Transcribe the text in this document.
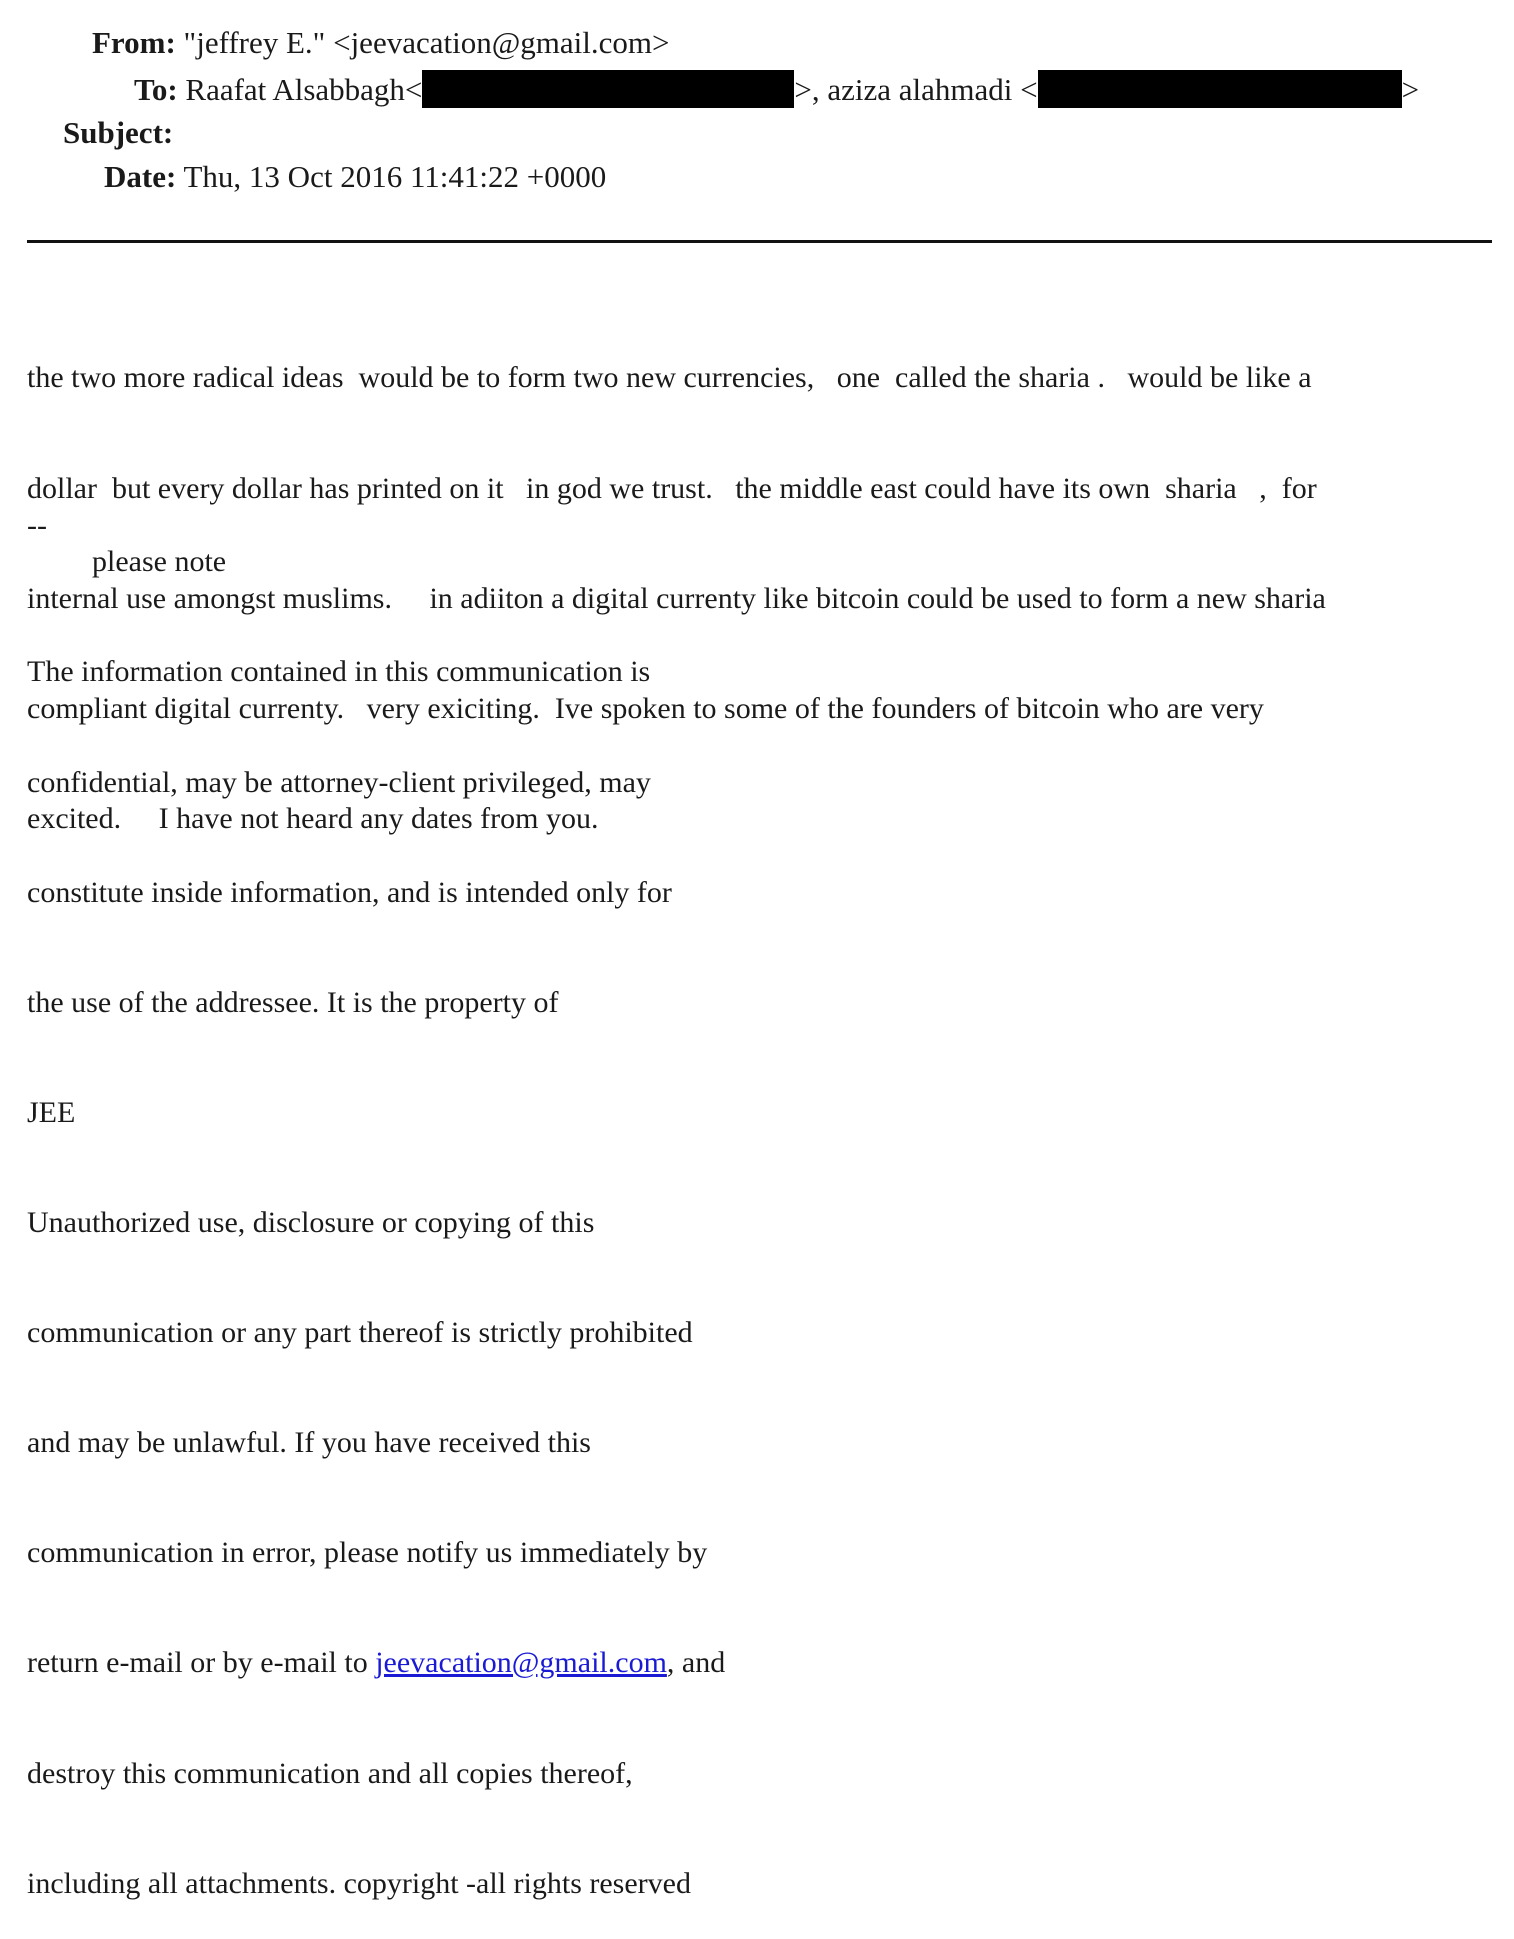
From: "jeffrey E." <jeevacation@gmail.com>
To: Raafat Alsabbagh<	>, aziza alahmadi <	>
Subject:
Date: Thu, 13 Oct 2016 11:41:22 +0000

the two more radical ideas  would be to form two new currencies,   one  called the sharia .   would be like a

dollar  but every dollar has printed on it   in god we trust.   the middle east could have its own  sharia   ,  for

internal use amongst muslims.     in adiiton a digital currenty like bitcoin could be used to form a new sharia

compliant digital currenty.   very exiciting.  Ive spoken to some of the founders of bitcoin who are very

excited.     I have not heard any dates from you.

--
please note

The information contained in this communication is

confidential, may be attorney-client privileged, may

constitute inside information, and is intended only for

the use of the addressee. It is the property of

JEE

Unauthorized use, disclosure or copying of this

communication or any part thereof is strictly prohibited

and may be unlawful. If you have received this

communication in error, please notify us immediately by

return e-mail or by e-mail to jeevacation@gmail.com, and

destroy this communication and all copies thereof,

including all attachments. copyright -all rights reserved
